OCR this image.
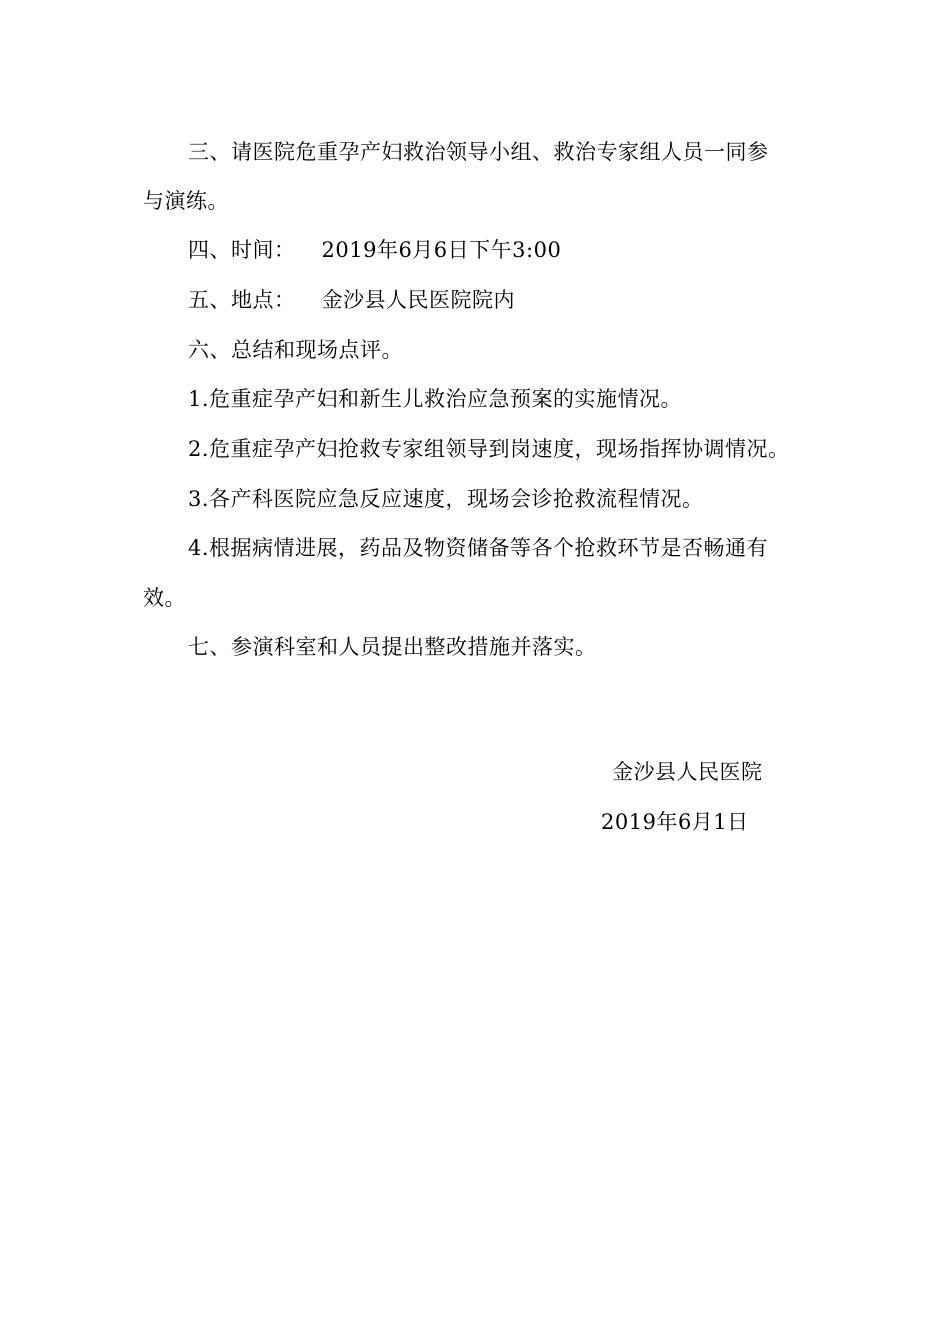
三、请医院危重孕产妇救治领导小组、救治专家组人员一同参
与演练。
四、时间： 2019年6月6日下午3:00
五、地点： 金沙县人民医院院内
六、总结和现场点评。
1.危重症孕产妇和新生儿救治应急预案的实施情况。
2.危重症孕产妇抢救专家组领导到岗速度，现场指挥协调情况。
3.各产科医院应急反应速度，现场会诊抢救流程情况。
4.根据病情进展，药品及物资储备等各个抢救环节是否畅通有
效。
七、参演科室和人员提出整改措施并落实。
金沙县人民医院
2019年6月1日
